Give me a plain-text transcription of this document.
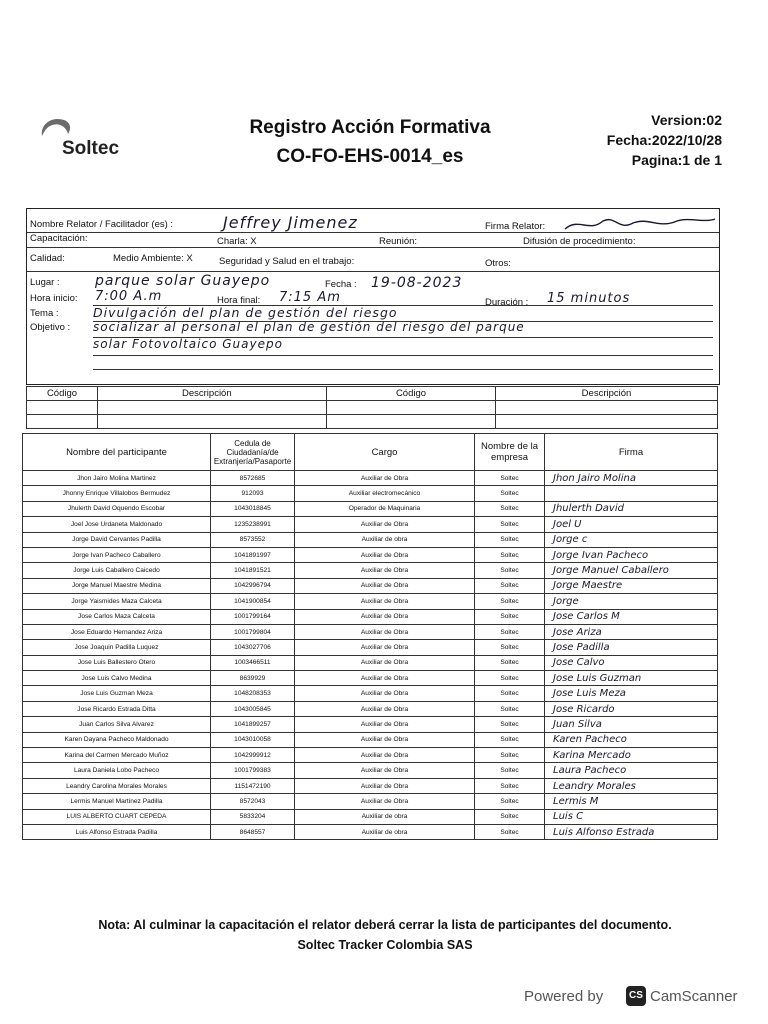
Soltec
Registro Acción Formativa
CO-FO-EHS-0014_es
Version:02
Fecha:2022/10/28
Pagina:1 de 1
Nombre Relator / Facilitador (es) :	Jeffrey Jimenez	Firma Relator:
Capacitación:	Charla: X	Reunión:	Difusión de procedimiento:
Calidad:	Medio Ambiente: X	Seguridad y Salud en el trabajo:	Otros:
Lugar :	parque solar Guayepo	Fecha : 19-08-2023
Hora inicio: 7:00 A.m	Hora final: 7:15 Am	Duración : 15 minutos
Tema :	Divulgación del plan de gestión del riesgo
Objetivo : socializar al personal el plan de gestión del riesgo del parque
solar Fotovoltaico Guayepo
Código	Descripción	Código	Descripción

Nombre del participante	Cedula de Ciudadanía/de Extranjería/Pasaporte	Cargo	Nombre de la empresa	Firma
Jhon Jairo Molina Martinez	8572685	Auxiliar de Obra	Soltec	Jhon Jairo Molina
Jhonny Enrique Villalobos Bermudez	912093	Auxiliar electromecánico	Soltec	
Jhulerth David Oquendo Escobar	1043018845	Operador de Maquinaria	Soltec	Jhulerth David
Joel Jose Urdaneta Maldonado	1235238991	Auxiliar de Obra	Soltec	Joel U
Jorge David Cervantes Padilla	8573552	Auxiliar de obra	Soltec	Jorge c
Jorge Ivan Pacheco Caballero	1041891997	Auxiliar de Obra	Soltec	Jorge Ivan Pacheco
Jorge Luis Caballero Caicedo	1041891521	Auxiliar de Obra	Soltec	Jorge Manuel Caballero
Jorge Manuel Maestre Medina	1042996794	Auxiliar de Obra	Soltec	Jorge Maestre
Jorge Yaismides Maza Calceta	1041900854	Auxiliar de Obra	Soltec	Jorge
Jose Carlos Maza Calceta	1001799164	Auxiliar de Obra	Soltec	Jose Carlos M
Jose Eduardo Hernandez Ariza	1001799804	Auxiliar de Obra	Soltec	Jose Ariza
Jose Joaquin Padilla Luquez	1043027706	Auxiliar de Obra	Soltec	Jose Padilla
Jose Luis Ballestero Otero	1003466511	Auxiliar de Obra	Soltec	Jose Calvo
Jose Luis Calvo Medina	8639929	Auxiliar de Obra	Soltec	Jose Luis Guzman
Jose Luis Guzman Meza	1048208353	Auxiliar de Obra	Soltec	Jose Luis Meza
Jose Ricardo Estrada Ditta	1043005845	Auxiliar de Obra	Soltec	Jose Ricardo
Juan Carlos Silva Alvarez	1041899257	Auxiliar de Obra	Soltec	Juan Silva
Karen Dayana Pacheco Maldonado	1043010058	Auxiliar de Obra	Soltec	Karen Pacheco
Karina del Carmen Mercado Muñoz	1042999912	Auxiliar de Obra	Soltec	Karina Mercado
Laura Daniela Lobo Pacheco	1001799383	Auxiliar de Obra	Soltec	Laura Pacheco
Leandry Carolina Morales Morales	1151472190	Auxiliar de Obra	Soltec	Leandry Morales
Lermis Manuel Martinez Padilla	8572043	Auxiliar de Obra	Soltec	Lermis M
LUIS ALBERTO CUART CEPEDA	5833204	Auxiliar de obra	Soltec	Luis C
Luis Alfonso Estrada Padilla	8648557	Auxiliar de obra	Soltec	Luis Alfonso Estrada
Nota: Al culminar la capacitación el relator deberá cerrar la lista de participantes del documento.
Soltec Tracker Colombia SAS
Powered by	CS CamScanner
